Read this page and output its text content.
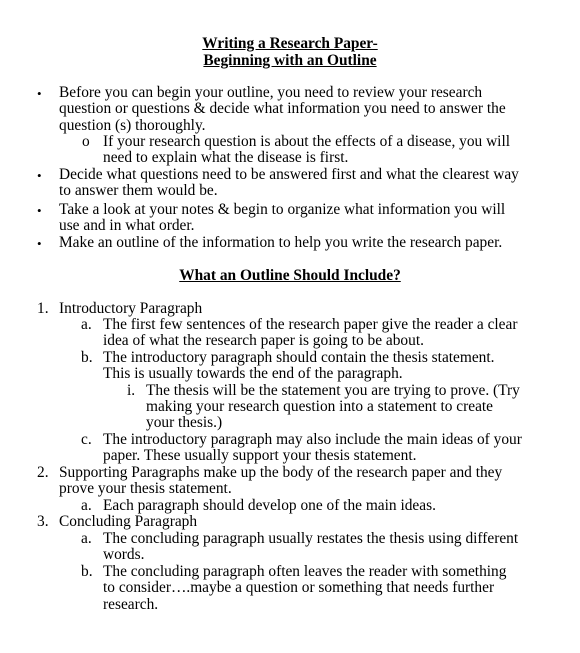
Writing a Research Paper-
Beginning with an Outline
• Before you can begin your outline, you need to review your research
question or questions & decide what information you need to answer the
question (s) thoroughly.
o If your research question is about the effects of a disease, you will
need to explain what the disease is first.
• Decide what questions need to be answered first and what the clearest way
to answer them would be.
• Take a look at your notes & begin to organize what information you will
use and in what order.
• Make an outline of the information to help you write the research paper.
What an Outline Should Include?
1. Introductory Paragraph
a. The first few sentences of the research paper give the reader a clear
idea of what the research paper is going to be about.
b. The introductory paragraph should contain the thesis statement.
This is usually towards the end of the paragraph.
i. The thesis will be the statement you are trying to prove. (Try
making your research question into a statement to create
your thesis.)
c. The introductory paragraph may also include the main ideas of your
paper. These usually support your thesis statement.
2. Supporting Paragraphs make up the body of the research paper and they
prove your thesis statement.
a. Each paragraph should develop one of the main ideas.
3. Concluding Paragraph
a. The concluding paragraph usually restates the thesis using different
words.
b. The concluding paragraph often leaves the reader with something
to consider….maybe a question or something that needs further
research.
